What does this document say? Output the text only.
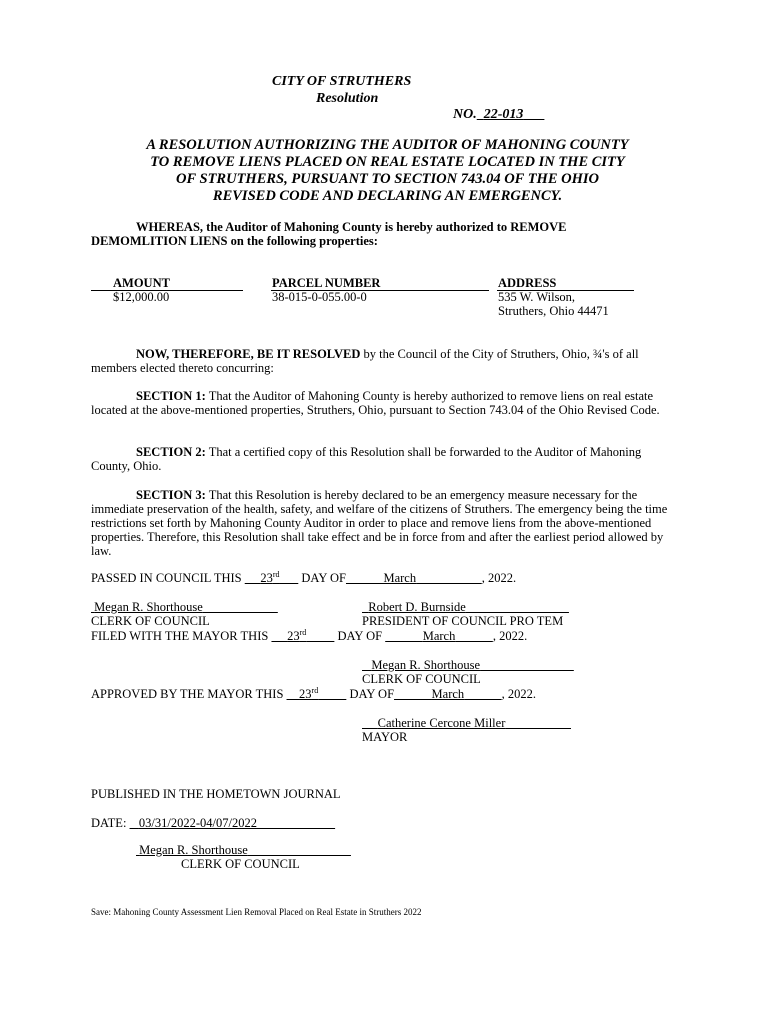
CITY OF STRUTHERS
Resolution
NO. 22-013
A RESOLUTION AUTHORIZING THE AUDITOR OF MAHONING COUNTY
TO REMOVE LIENS PLACED ON REAL ESTATE LOCATED IN THE CITY
OF STRUTHERS, PURSUANT TO SECTION 743.04 OF THE OHIO
REVISED CODE AND DECLARING AN EMERGENCY.
WHEREAS, the Auditor of Mahoning County is hereby authorized to REMOVE
DEMOMLITION LIENS on the following properties:
AMOUNT	PARCEL NUMBER	ADDRESS
$12,000.00	38-015-0-055.00-0	535 W. Wilson,
Struthers, Ohio 44471
NOW, THEREFORE, BE IT RESOLVED by the Council of the City of Struthers, Ohio, ¾'s of all members elected thereto concurring:
SECTION 1: That the Auditor of Mahoning County is hereby authorized to remove liens on real estate located at the above-mentioned properties, Struthers, Ohio, pursuant to Section 743.04 of the Ohio Revised Code.
SECTION 2: That a certified copy of this Resolution shall be forwarded to the Auditor of Mahoning County, Ohio.
SECTION 3: That this Resolution is hereby declared to be an emergency measure necessary for the immediate preservation of the health, safety, and welfare of the citizens of Struthers. The emergency being the time restrictions set forth by Mahoning County Auditor in order to place and remove liens from the above-mentioned properties. Therefore, this Resolution shall take effect and be in force from and after the earliest period allowed by law.
PASSED IN COUNCIL THIS 23rd DAY OF	March	, 2022.
Megan R. Shorthouse
CLERK OF COUNCIL
Robert D. Burnside
PRESIDENT OF COUNCIL PRO TEM
FILED WITH THE MAYOR THIS 23rd	DAY OF	March	, 2022.
Megan R. Shorthouse
CLERK OF COUNCIL
APPROVED BY THE MAYOR THIS 23rd	DAY OF	March	, 2022.
Catherine Cercone Miller
MAYOR
PUBLISHED IN THE HOMETOWN JOURNAL
DATE: 03/31/2022-04/07/2022
Megan R. Shorthouse
CLERK OF COUNCIL
Save: Mahoning County Assessment Lien Removal Placed on Real Estate in Struthers 2022
